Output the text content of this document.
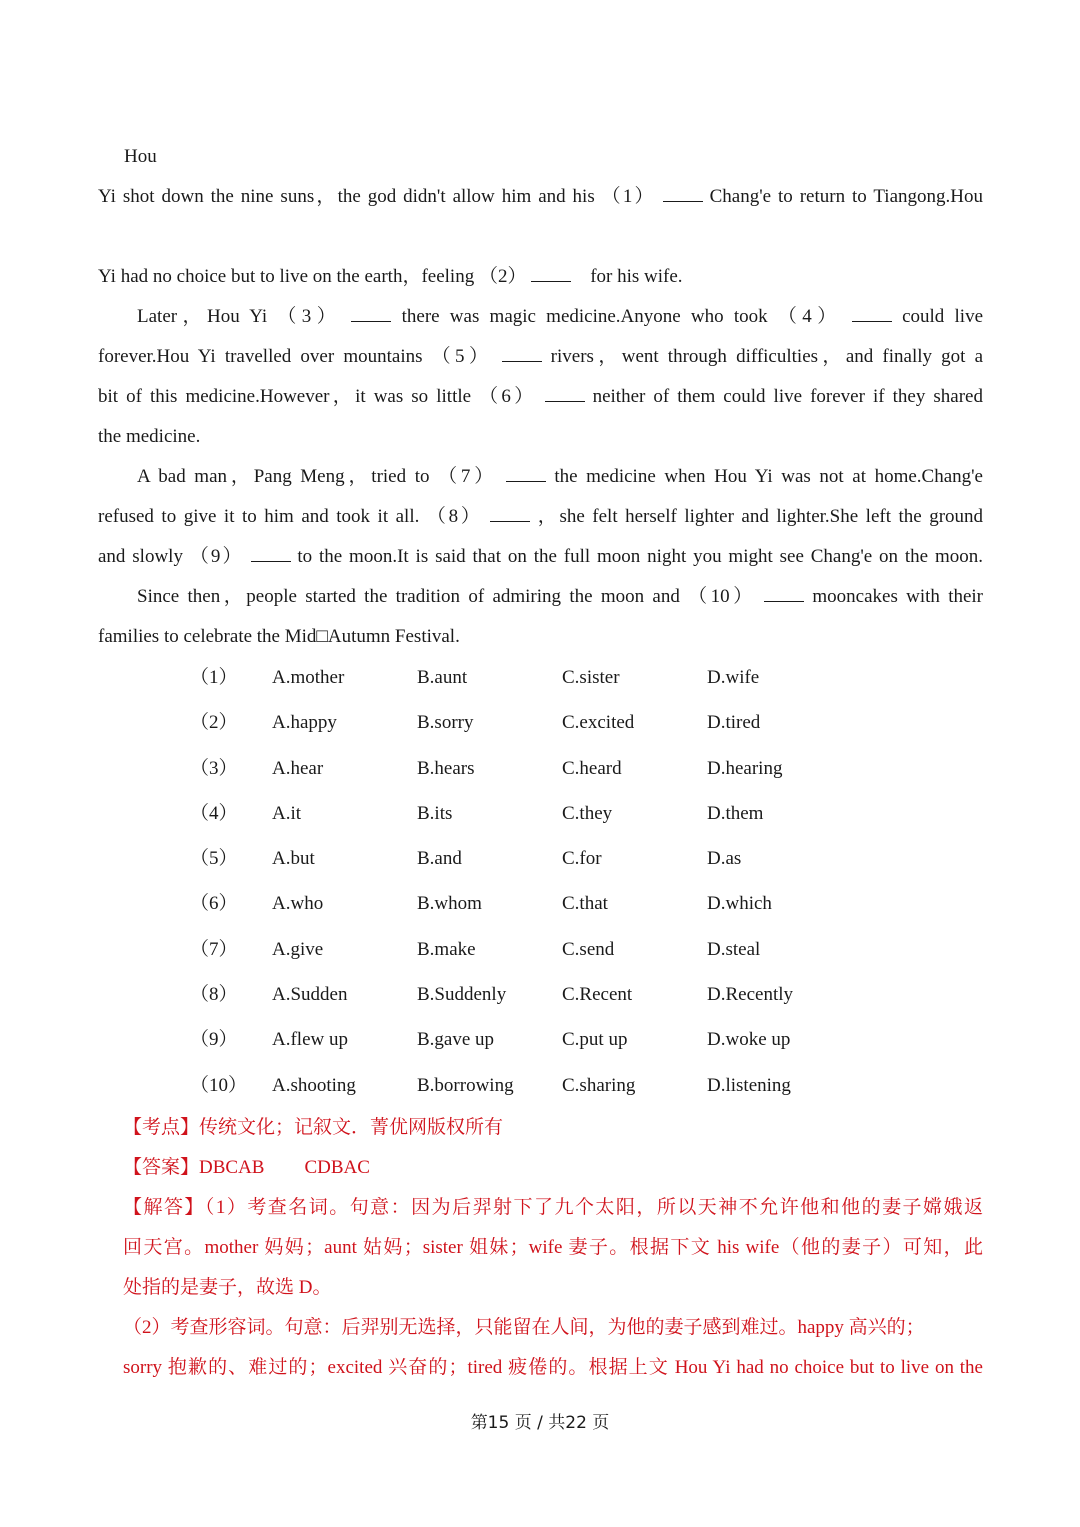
Hou
Yi shot down the nine suns，the god didn't allow him and his （1）	Chang'e to return to Tiangong.Hou
Yi had no choice but to live on the earth，feeling （2）	for his wife.
Later，Hou Yi （3）	there was magic medicine.Anyone who took （4）	could live
forever.Hou Yi travelled over mountains （5）	rivers，went through difficulties，and finally got a
bit of this medicine.However，it was so little （6）	neither of them could live forever if they shared
the medicine.
A bad man，Pang Meng，tried to （7）	the medicine when Hou Yi was not at home.Chang'e
refused to give it to him and took it all. （8）	，she felt herself lighter and lighter.She left the ground
and slowly （9）	to the moon.It is said that on the full moon night you might see Chang'e on the moon.
Since then，people started the tradition of admiring the moon and （10）	mooncakes with their
families to celebrate the Mid□Autumn Festival.
（1） A.mother	B.aunt	C.sister	D.wife
（2） A.happy	B.sorry	C.excited	D.tired
（3） A.hear	B.hears	C.heard	D.hearing
（4） A.it	B.its	C.they	D.them
（5） A.but	B.and	C.for	D.as
（6） A.who	B.whom	C.that	D.which
（7） A.give	B.make	C.send	D.steal
（8） A.Sudden	B.Suddenly	C.Recent	D.Recently
（9） A.flew up	B.gave up	C.put up	D.woke up
（10） A.shooting	B.borrowing	C.sharing	D.listening
【考点】传统文化；记叙文．菁优网版权所有
【答案】DBCAB CDBAC
【解答】（1）考查名词。句意：因为后羿射下了九个太阳，所以天神不允许他和他的妻子嫦娥返
回天宫。mother 妈妈；aunt 姑妈；sister 姐妹；wife 妻子。根据下文 his wife（他的妻子）可知，此
处指的是妻子，故选 D。
（2）考查形容词。句意：后羿别无选择，只能留在人间，为他的妻子感到难过。happy 高兴的；
sorry 抱歉的、难过的；excited 兴奋的；tired 疲倦的。根据上文 Hou Yi had no choice but to live on the
第15 页 / 共22 页
